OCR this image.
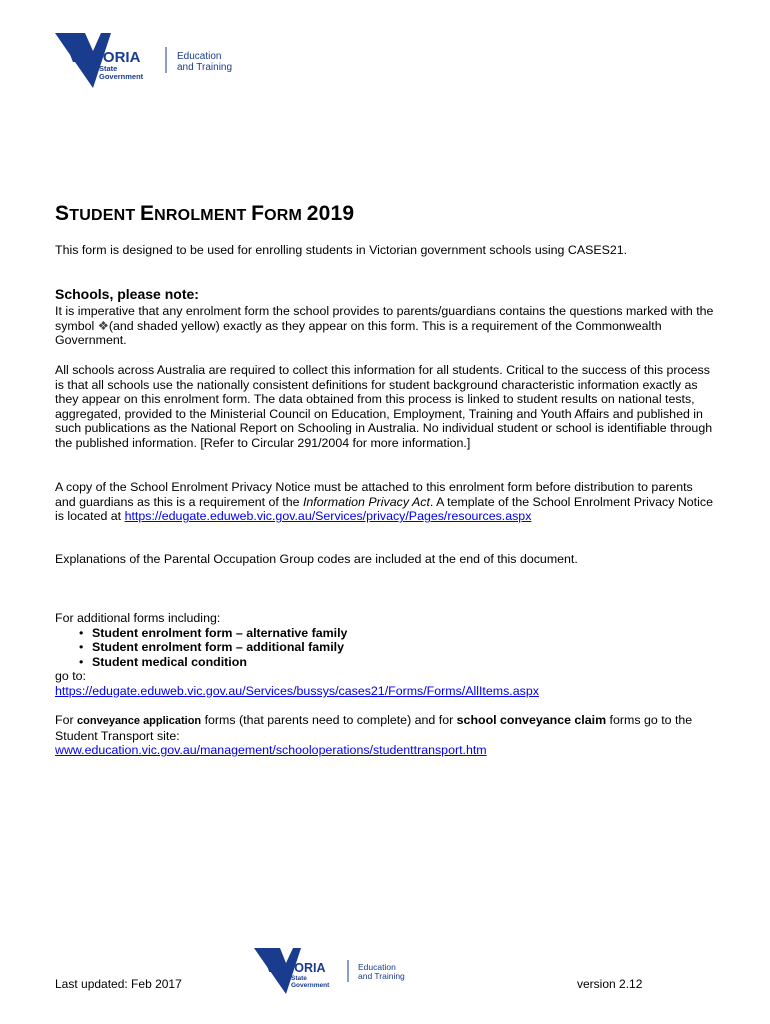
VICTORIA
State
Government
Education
and Training
STUDENT ENROLMENT FORM 2019

This form is designed to be used for enrolling students in Victorian government schools using CASES21.

Schools, please note:

It is imperative that any enrolment form the school provides to parents/guardians contains the questions marked with the symbol ❖(and shaded yellow) exactly as they appear on this form. This is a requirement of the Commonwealth Government.

All schools across Australia are required to collect this information for all students. Critical to the success of this process is that all schools use the nationally consistent definitions for student background characteristic information exactly as they appear on this enrolment form. The data obtained from this process is linked to student results on national tests, aggregated, provided to the Ministerial Council on Education, Employment, Training and Youth Affairs and published in such publications as the National Report on Schooling in Australia. No individual student or school is identifiable through the published information. [Refer to Circular 291/2004 for more information.]

A copy of the School Enrolment Privacy Notice must be attached to this enrolment form before distribution to parents and guardians as this is a requirement of the Information Privacy Act. A template of the School Enrolment Privacy Notice is located at https://edugate.eduweb.vic.gov.au/Services/privacy/Pages/resources.aspx

Explanations of the Parental Occupation Group codes are included at the end of this document.

For additional forms including:
• Student enrolment form – alternative family
• Student enrolment form – additional family
• Student medical condition
go to:
https://edugate.eduweb.vic.gov.au/Services/bussys/cases21/Forms/Forms/AllItems.aspx
For conveyance application forms (that parents need to complete) and for school conveyance claim forms go to the Student Transport site:
www.education.vic.gov.au/management/schooloperations/studenttransport.htm
VICTORIA
State
Government
Education
and Training

Last updated: Feb 2017	version 2.12
